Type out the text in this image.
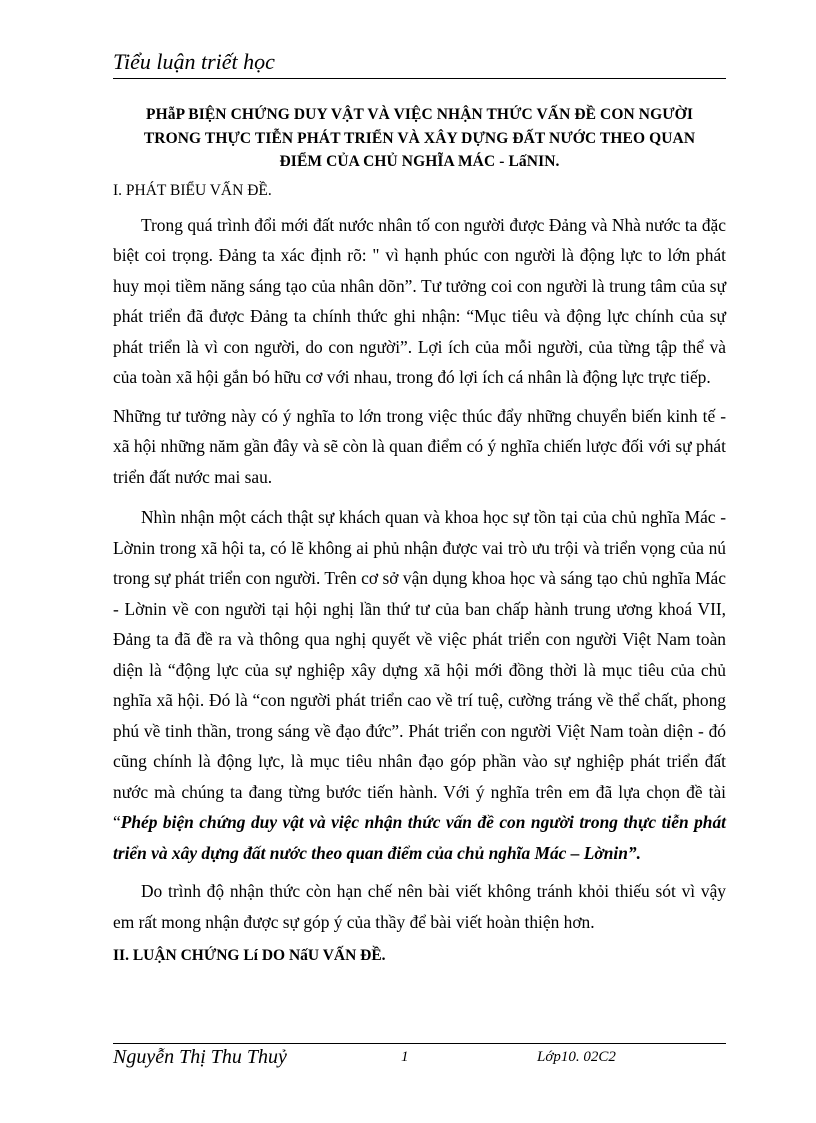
Tiểu luận triết học
PHẫP BIỆN CHỨNG DUY VẬT VÀ VIỆC NHẬN THỨC VẤN ĐỀ CON NGƯỜI
TRONG THỰC TIỄN PHÁT TRIỂN VÀ XÂY DỰNG ĐẤT NƯỚC THEO QUAN
ĐIỂM CỦA CHỦ NGHĨA MÁC - LấNIN.
I. PHÁT BIỂU VẤN ĐỀ.

Trong quá trình đổi mới đất nước nhân tố con người được Đảng và Nhà nước ta đặc biệt coi trọng. Đảng ta xác định rõ: " vì hạnh phúc con người là động lực to lớn phát huy mọi tiềm năng sáng tạo của nhân dõn”. Tư tưởng coi con người là trung tâm của sự phát triển đã được Đảng ta chính thức ghi nhận: “Mục tiêu và động lực chính của sự phát triển là vì con người, do con người”. Lợi ích của mỗi người, của từng tập thể và của toàn xã hội gắn bó hữu cơ với nhau, trong đó lợi ích cá nhân là động lực trực tiếp.

Những tư tưởng này có ý nghĩa to lớn trong việc thúc đẩy những chuyển biến kinh tế - xã hội những năm gần đây và sẽ còn là quan điểm có ý nghĩa chiến lược đối với sự phát triển đất nước mai sau.

Nhìn nhận một cách thật sự khách quan và khoa học sự tồn tại của chủ nghĩa Mác - Lờnin trong xã hội ta, có lẽ không ai phủ nhận được vai trò ưu trội và triển vọng của nú trong sự phát triển con người. Trên cơ sở vận dụng khoa học và sáng tạo chủ nghĩa Mác - Lờnin về con người tại hội nghị lần thứ tư của ban chấp hành trung ương khoá VII, Đảng ta đã đề ra và thông qua nghị quyết về việc phát triển con người Việt Nam toàn diện là “động lực của sự nghiệp xây dựng xã hội mới đồng thời là mục tiêu của chủ nghĩa xã hội. Đó là “con người phát triển cao về trí tuệ, cường tráng về thể chất, phong phú về tinh thần, trong sáng về đạo đức”. Phát triển con người Việt Nam toàn diện - đó cũng chính là động lực, là mục tiêu nhân đạo góp phần vào sự nghiệp phát triển đất nước mà chúng ta đang từng bước tiến hành. Với ý nghĩa trên em đã lựa chọn đề tài “Phép biện chứng duy vật và việc nhận thức vấn đề con người trong thực tiễn phát triển và xây dựng đất nước theo quan điểm của chủ nghĩa Mác – Lờnin”.

Do trình độ nhận thức còn hạn chế nên bài viết không tránh khỏi thiếu sót vì vậy em rất mong nhận được sự góp ý của thầy để bài viết hoàn thiện hơn.

II. LUẬN CHỨNG Lí DO NấU VẤN ĐỀ.
Nguyễn Thị Thu Thuỷ	1	Lớp10. 02C2
